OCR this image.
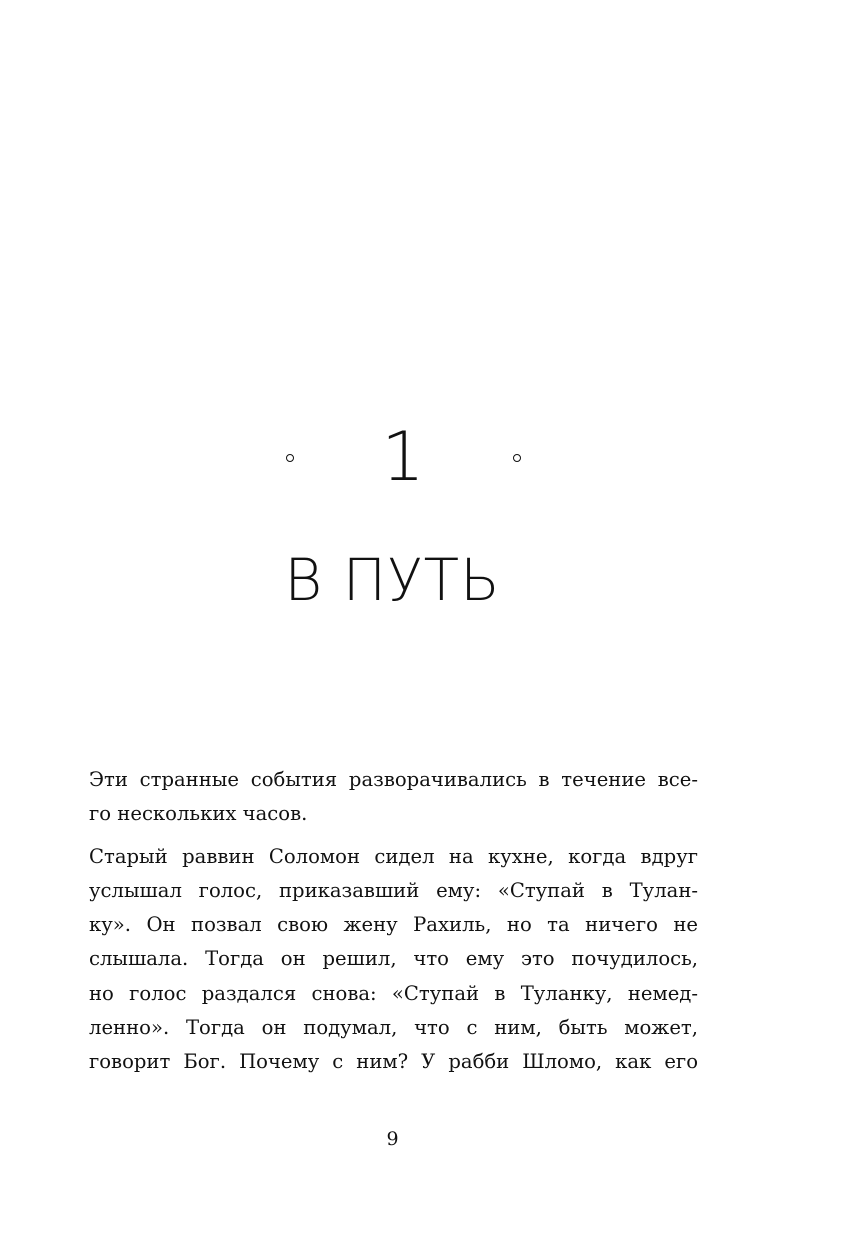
1
В ПУТЬ

Эти странные события разворачивались в течение все-
го нескольких часов.

Старый раввин Соломон сидел на кухне, когда вдруг
услышал голос, приказавший ему: «Ступай в Тулан-
ку». Он позвал свою жену Рахиль, но та ничего не
слышала. Тогда он решил, что ему это почудилось,
но голос раздался снова: «Ступай в Туланку, немед-
ленно». Тогда он подумал, что с ним, быть может,
говорит Бог. Почему с ним? У рабби Шломо, как его

9
